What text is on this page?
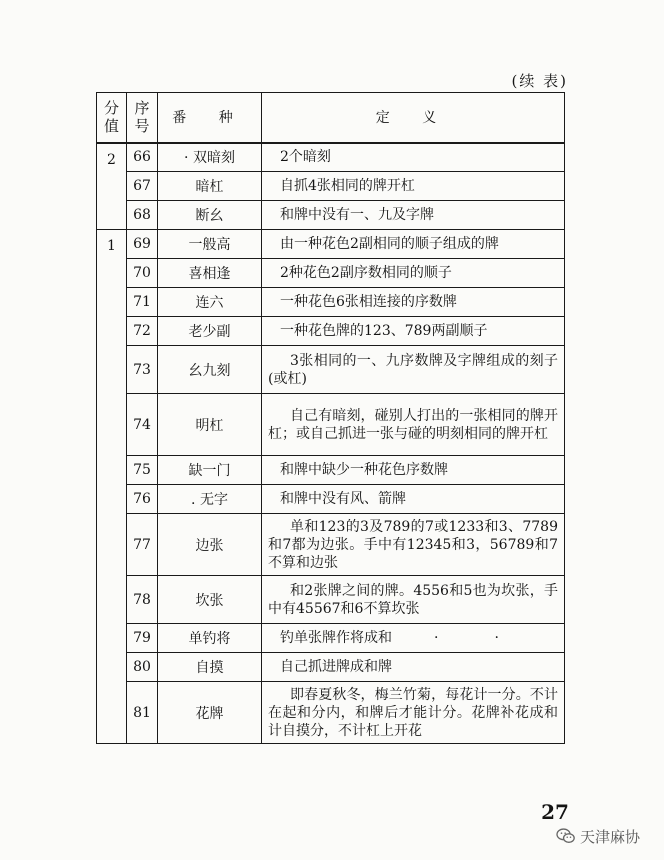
(续 表)
分值	序号	番 种	定 义
2	66	· 双暗刻	2个暗刻
	67	暗杠	自抓4张相同的牌开杠
	68	断幺	和牌中没有一、九及字牌
1	69	一般高	由一种花色2副相同的顺子组成的牌
	70	喜相逢	2种花色2副序数相同的顺子
	71	连六	一种花色6张相连接的序数牌
	72	老少副	一种花色牌的123、789两副顺子
	73	幺九刻	3张相同的一、九序数牌及字牌组成的刻子(或杠)
	74	明杠	自己有暗刻，碰别人打出的一张相同的牌开杠；或自己抓进一张与碰的明刻相同的牌开杠
	75	缺一门	和牌中缺少一种花色序数牌
	76	. 无字	和牌中没有风、箭牌
	77	边张	单和123的3及789的7或1233和3、7789和7都为边张。手中有12345和3，56789和7不算和边张
	78	坎张	和2张牌之间的牌。4556和5也为坎张，手中有45567和6不算坎张
	79	单钓将	钓单张牌作将成和　　　·　　　　·
	80	自摸	自己抓进牌成和牌
	81	花牌	即春夏秋冬，梅兰竹菊，每花计一分。不计在起和分内，和牌后才能计分。花牌补花成和计自摸分，不计杠上开花
27
天津麻协
